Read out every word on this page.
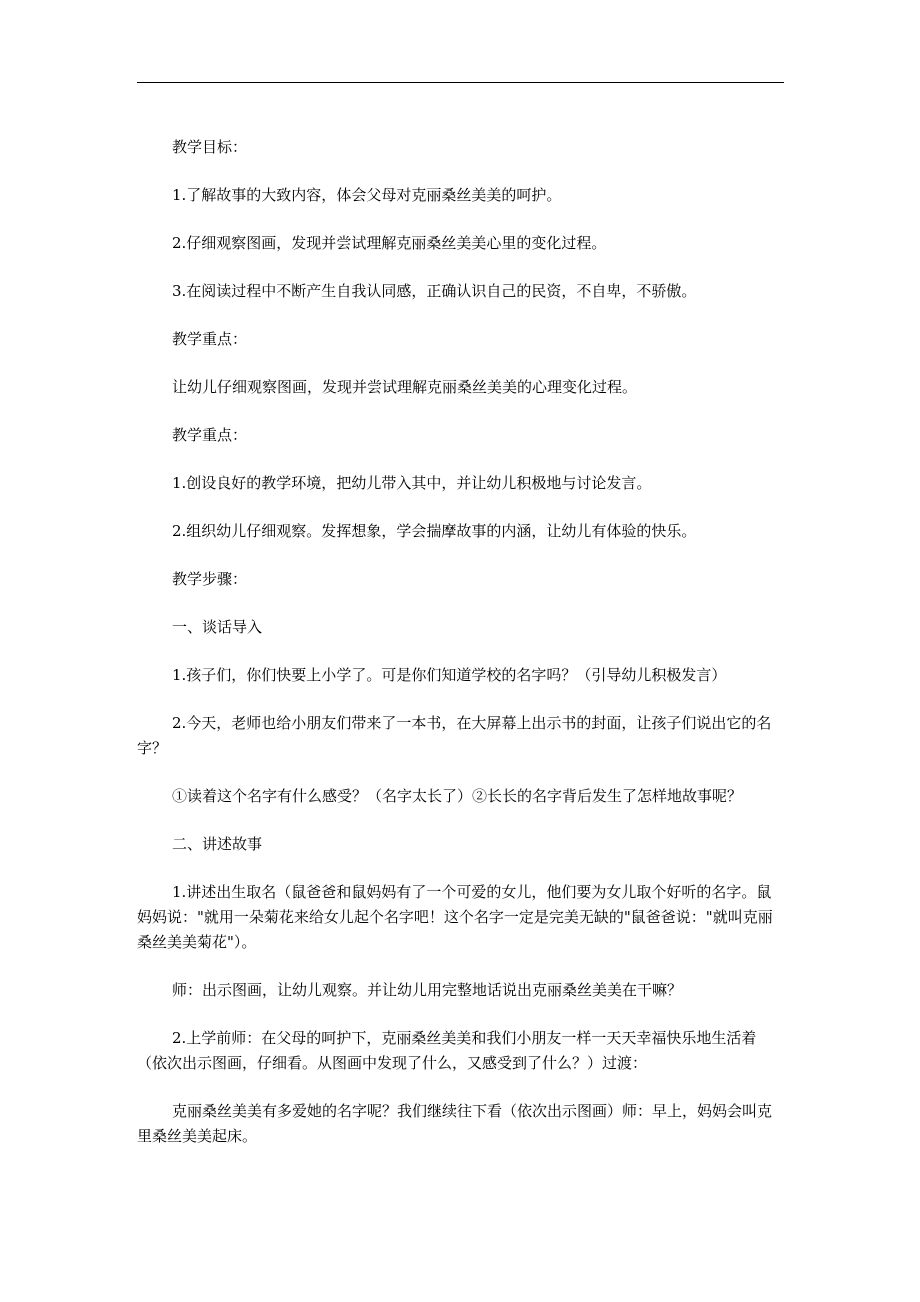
教学目标：

1.了解故事的大致内容，体会父母对克丽桑丝美美的呵护。

2.仔细观察图画，发现并尝试理解克丽桑丝美美心里的变化过程。

3.在阅读过程中不断产生自我认同感，正确认识自己的民资，不自卑，不骄傲。

教学重点：

让幼儿仔细观察图画，发现并尝试理解克丽桑丝美美的心理变化过程。

教学重点：

1.创设良好的教学环境，把幼儿带入其中，并让幼儿积极地与讨论发言。

2.组织幼儿仔细观察。发挥想象，学会揣摩故事的内涵，让幼儿有体验的快乐。

教学步骤：

一、谈话导入

1.孩子们，你们快要上小学了。可是你们知道学校的名字吗？（引导幼儿积极发言）

2.今天，老师也给小朋友们带来了一本书，在大屏幕上出示书的封面，让孩子们说出它的名字？

①读着这个名字有什么感受？（名字太长了）②长长的名字背后发生了怎样地故事呢？

二、讲述故事

1.讲述出生取名（鼠爸爸和鼠妈妈有了一个可爱的女儿，他们要为女儿取个好听的名字。鼠妈妈说："就用一朵菊花来给女儿起个名字吧！这个名字一定是完美无缺的"鼠爸爸说："就叫克丽桑丝美美菊花"）。

师：出示图画，让幼儿观察。并让幼儿用完整地话说出克丽桑丝美美在干嘛？

2.上学前师：在父母的呵护下，克丽桑丝美美和我们小朋友一样一天天幸福快乐地生活着（依次出示图画，仔细看。从图画中发现了什么，又感受到了什么？）过渡：

克丽桑丝美美有多爱她的名字呢？我们继续往下看（依次出示图画）师：早上，妈妈会叫克里桑丝美美起床。
